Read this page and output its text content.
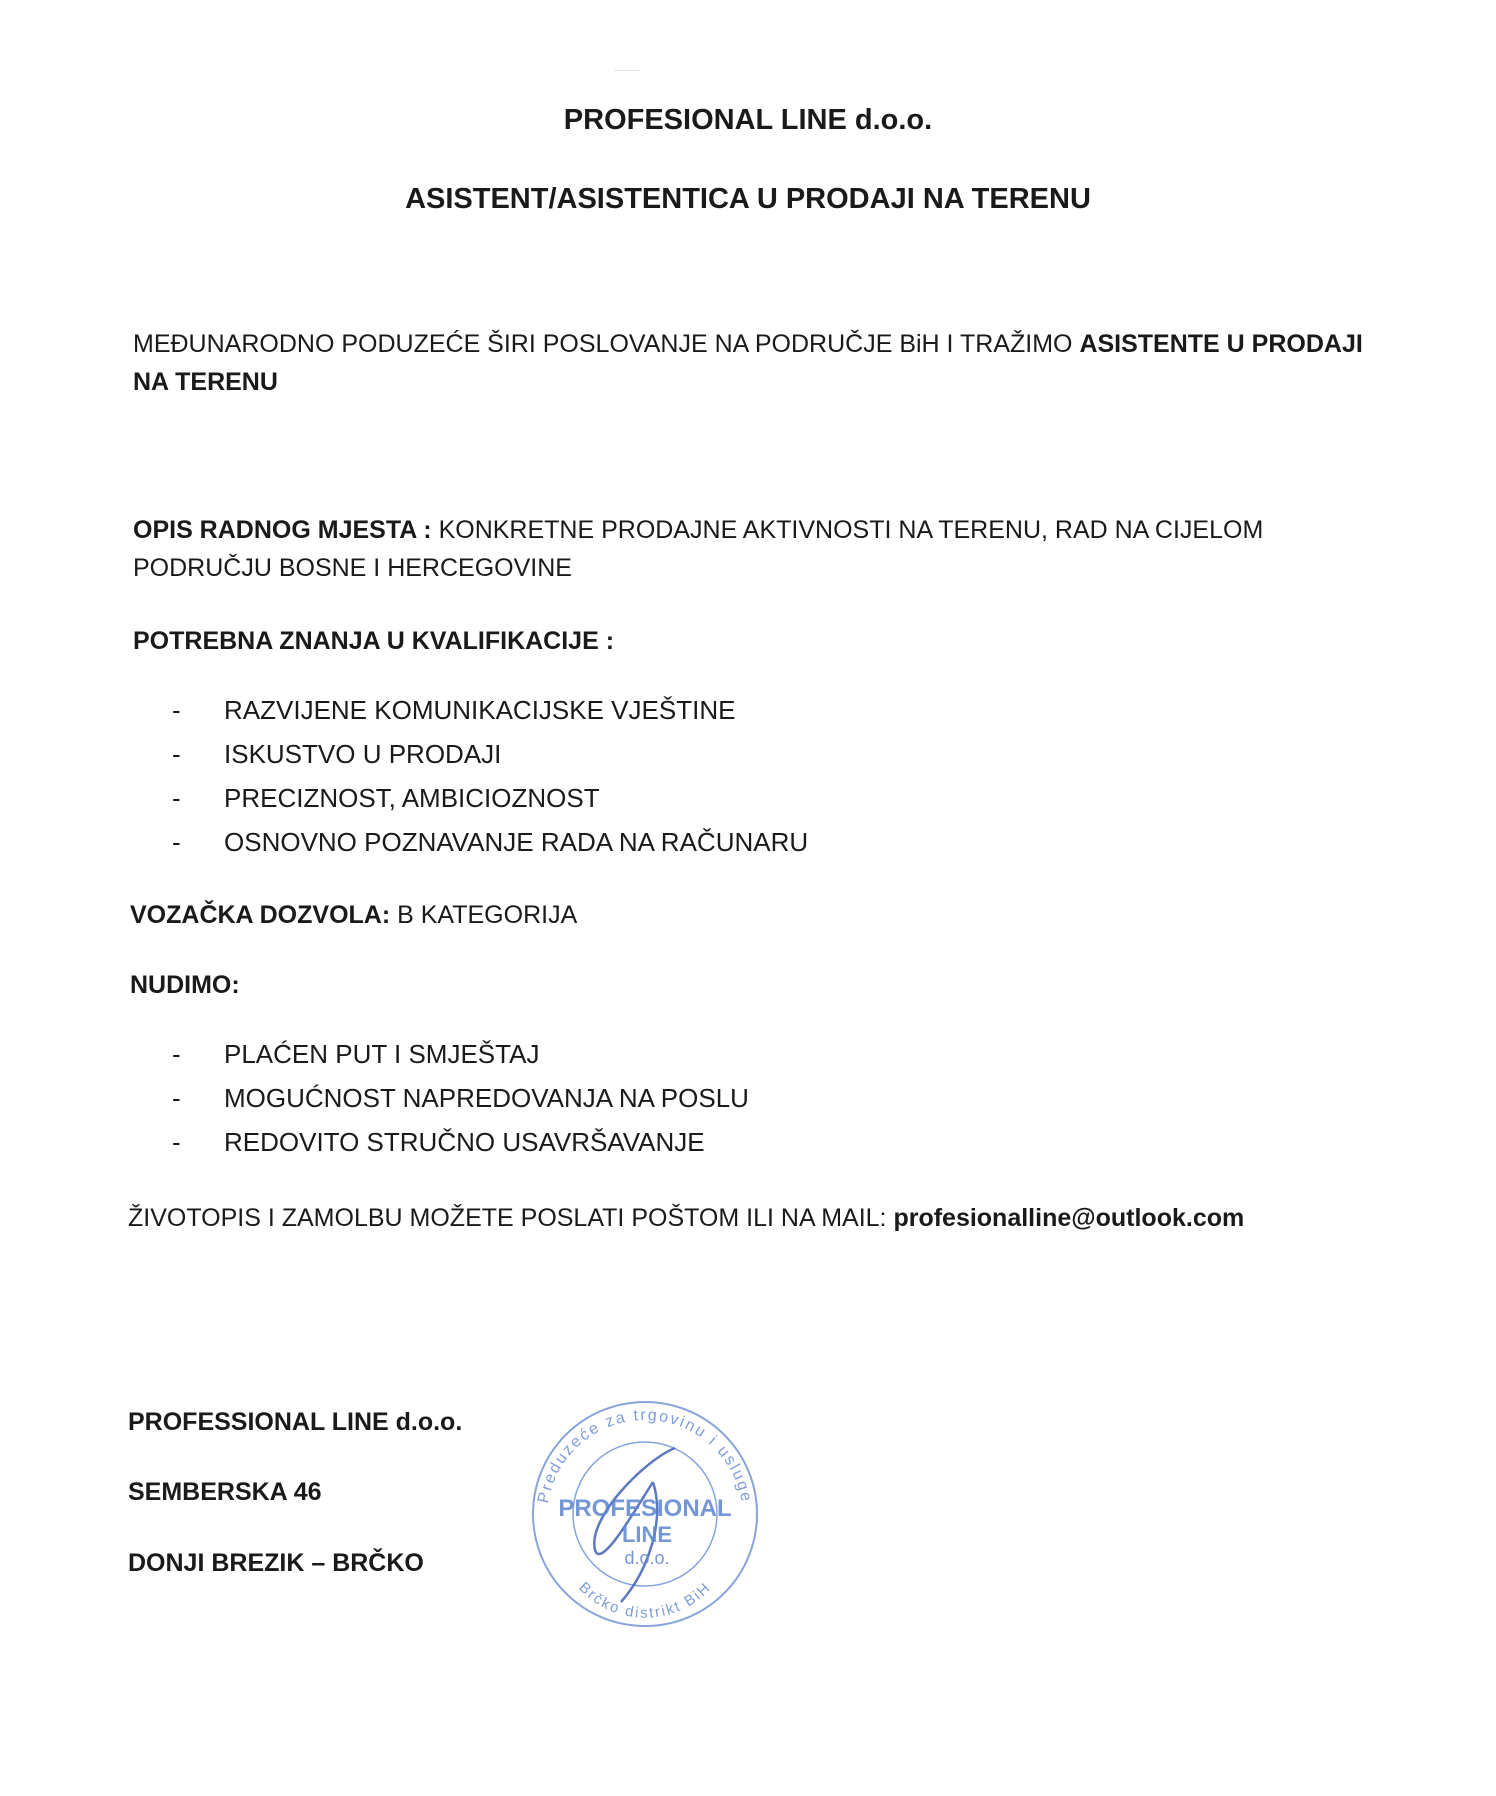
PROFESIONAL LINE d.o.o.
ASISTENT/ASISTENTICA U PRODAJI NA TERENU
MEĐUNARODNO PODUZEĆE ŠIRI POSLOVANJE NA PODRUČJE BiH I TRAŽIMO ASISTENTE U PRODAJI NA TERENU
OPIS RADNOG MJESTA : KONKRETNE PRODAJNE AKTIVNOSTI NA TERENU, RAD NA CIJELOM PODRUČJU BOSNE I HERCEGOVINE
POTREBNA ZNANJA U KVALIFIKACIJE :
- RAZVIJENE KOMUNIKACIJSKE VJEŠTINE
- ISKUSTVO U PRODAJI
- PRECIZNOST, AMBICIOZNOST
- OSNOVNO POZNAVANJE RADA NA RAČUNARU
VOZAČKA DOZVOLA: B KATEGORIJA
NUDIMO:
- PLAĆEN PUT I SMJEŠTAJ
- MOGUĆNOST NAPREDOVANJA NA POSLU
- REDOVITO STRUČNO USAVRŠAVANJE
ŽIVOTOPIS I ZAMOLBU MOŽETE POSLATI POŠTOM ILI NA MAIL: profesionalline@outlook.com
PROFESSIONAL LINE d.o.o.
SEMBERSKA 46
DONJI BREZIK – BRČKO
Preduzeće za trgovinu i usluge
Brčko distrikt BiH
PROFESIONAL
LINE
d.o.o.
